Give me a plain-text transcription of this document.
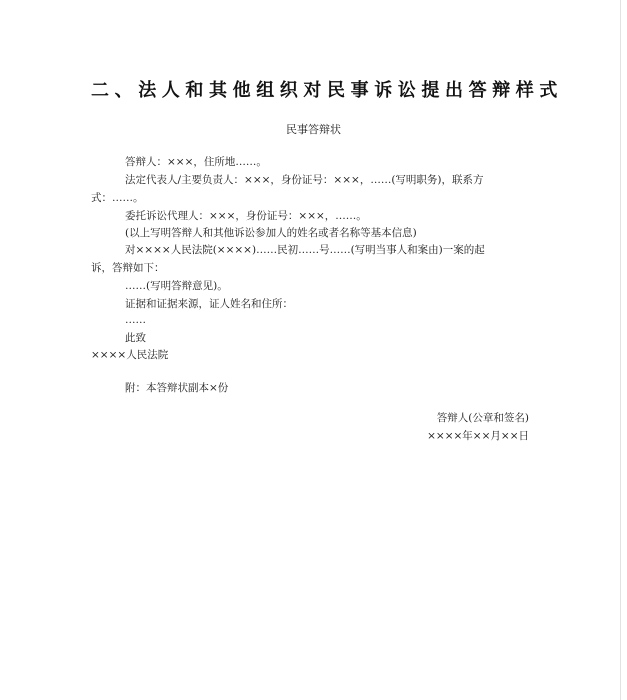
二、法人和其他组织对民事诉讼提出答辩样式
民事答辩状
答辩人：×××，住所地……。
法定代表人/主要负责人：×××，身份证号：×××，……(写明职务)，联系方
式：……。
委托诉讼代理人：×××，身份证号：×××，……。
(以上写明答辩人和其他诉讼参加人的姓名或者名称等基本信息)
对××××人民法院(××××)……民初……号……(写明当事人和案由)一案的起
诉，答辩如下：
……(写明答辩意见)。
证据和证据来源，证人姓名和住所：
……
此致
××××人民法院
附：本答辩状副本×份
答辩人(公章和签名)
××××年××月××日
